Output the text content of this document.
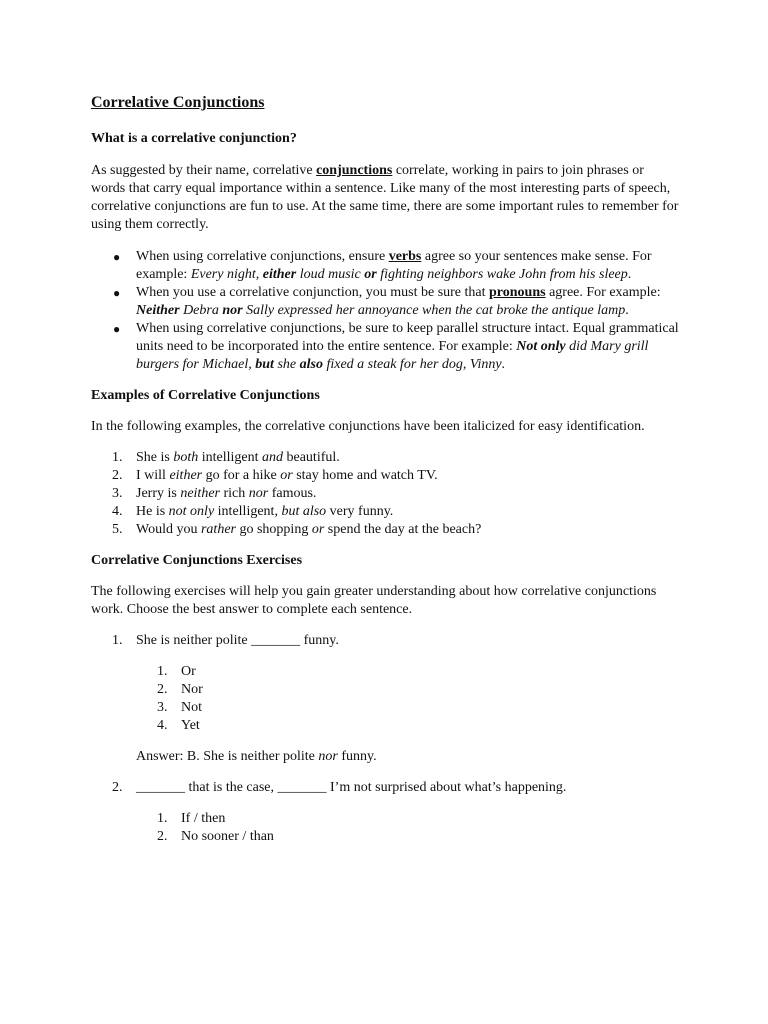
Correlative Conjunctions
What is a correlative conjunction?

As suggested by their name, correlative conjunctions correlate, working in pairs to join phrases or words that carry equal importance within a sentence. Like many of the most interesting parts of speech, correlative conjunctions are fun to use. At the same time, there are some important rules to remember for using them correctly.

● When using correlative conjunctions, ensure verbs agree so your sentences make sense. For example: Every night, either loud music or fighting neighbors wake John from his sleep.
● When you use a correlative conjunction, you must be sure that pronouns agree. For example: Neither Debra nor Sally expressed her annoyance when the cat broke the antique lamp.
● When using correlative conjunctions, be sure to keep parallel structure intact. Equal grammatical units need to be incorporated into the entire sentence. For example: Not only did Mary grill burgers for Michael, but she also fixed a steak for her dog, Vinny.
Examples of Correlative Conjunctions

In the following examples, the correlative conjunctions have been italicized for easy identification.

1. She is both intelligent and beautiful.
2. I will either go for a hike or stay home and watch TV.
3. Jerry is neither rich nor famous.
4. He is not only intelligent, but also very funny.
5. Would you rather go shopping or spend the day at the beach?
Correlative Conjunctions Exercises

The following exercises will help you gain greater understanding about how correlative conjunctions work. Choose the best answer to complete each sentence.

1. She is neither polite _______ funny.
1. Or
2. Nor
3. Not
4. Yet

Answer: B. She is neither polite nor funny.

2. _______ that is the case, _______ I’m not surprised about what’s happening.
1. If / then
2. No sooner / than
